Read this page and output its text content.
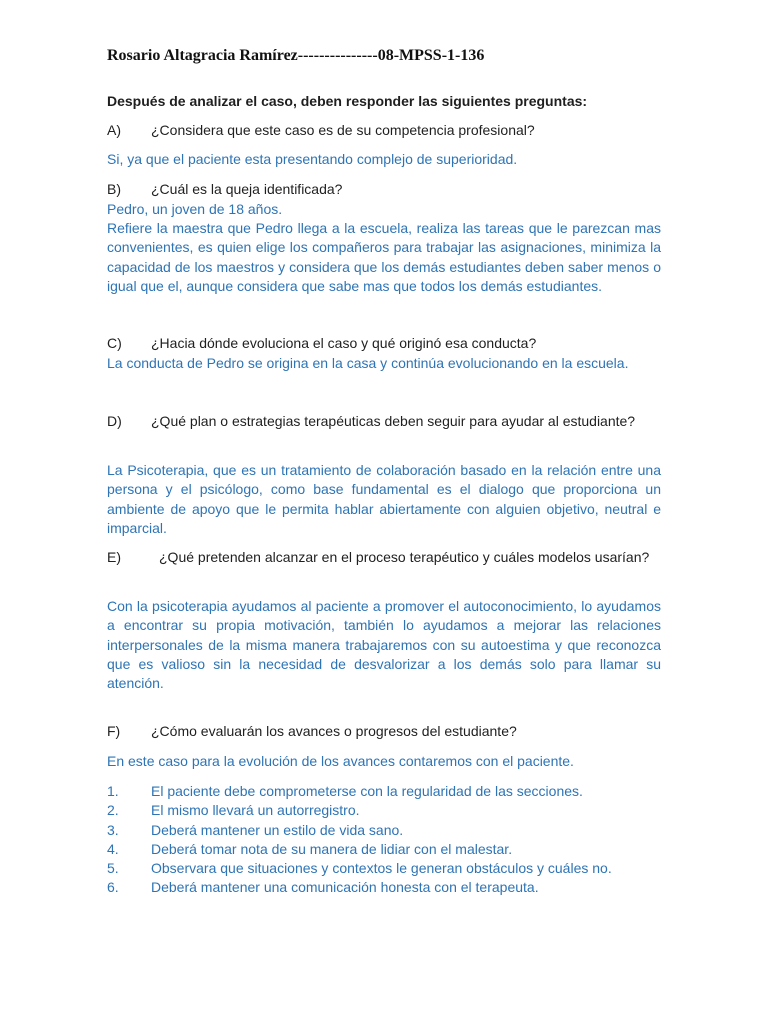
Rosario Altagracia Ramírez---------------08-MPSS-1-136
Después de analizar el caso, deben responder las siguientes preguntas:
A) ¿Considera que este caso es de su competencia profesional?
Si, ya que el paciente esta presentando complejo de superioridad.
B) ¿Cuál es la queja identificada?
Pedro, un joven de 18 años.
Refiere la maestra que Pedro llega a la escuela, realiza las tareas que le parezcan mas convenientes, es quien elige los compañeros para trabajar las asignaciones, minimiza la capacidad de los maestros y considera que los demás estudiantes deben saber menos o igual que el, aunque considera que sabe mas que todos los demás estudiantes.
C) ¿Hacia dónde evoluciona el caso y qué originó esa conducta?
La conducta de Pedro se origina en la casa y continúa evolucionando en la escuela.
D) ¿Qué plan o estrategias terapéuticas deben seguir para ayudar al estudiante?
La Psicoterapia, que es un tratamiento de colaboración basado en la relación entre una persona y el psicólogo, como base fundamental es el dialogo que proporciona un ambiente de apoyo que le permita hablar abiertamente con alguien objetivo, neutral e imparcial.
E)	¿Qué pretenden alcanzar en el proceso terapéutico y cuáles modelos usarían?
Con la psicoterapia ayudamos al paciente a promover el autoconocimiento, lo ayudamos a encontrar su propia motivación, también lo ayudamos a mejorar las relaciones interpersonales de la misma manera trabajaremos con su autoestima y que reconozca que es valioso sin la necesidad de desvalorizar a los demás solo para llamar su atención.
F) ¿Cómo evaluarán los avances o progresos del estudiante?
En este caso para la evolución de los avances contaremos con el paciente.
1. El paciente debe comprometerse con la regularidad de las secciones.
2. El mismo llevará un autorregistro.
3. Deberá mantener un estilo de vida sano.
4. Deberá tomar nota de su manera de lidiar con el malestar.
5. Observara que situaciones y contextos le generan obstáculos y cuáles no.
6. Deberá mantener una comunicación honesta con el terapeuta.
